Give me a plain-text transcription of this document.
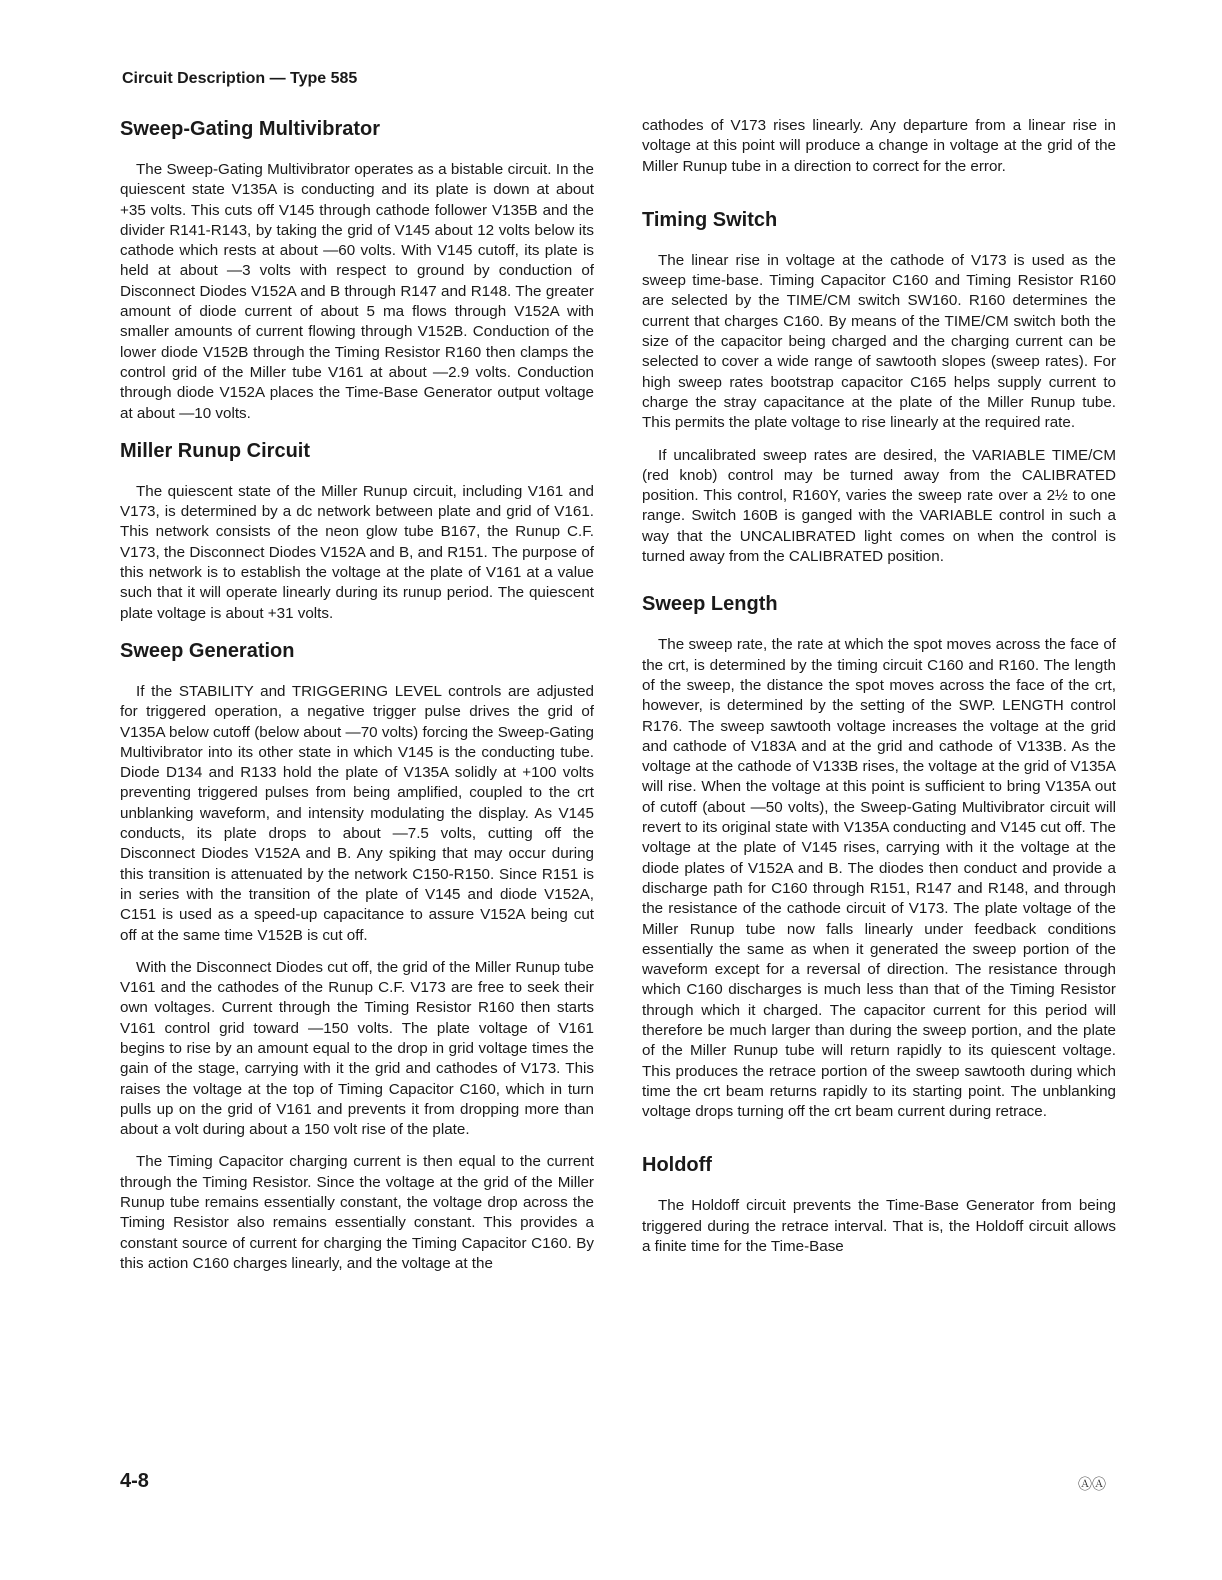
Circuit Description — Type 585
Sweep-Gating Multivibrator

The Sweep-Gating Multivibrator operates as a bistable circuit. In the quiescent state V135A is conducting and its plate is down at about +35 volts. This cuts off V145 through cathode follower V135B and the divider R141-R143, by taking the grid of V145 about 12 volts below its cathode which rests at about —60 volts. With V145 cutoff, its plate is held at about —3 volts with respect to ground by conduction of Disconnect Diodes V152A and B through R147 and R148. The greater amount of diode current of about 5 ma flows through V152A with smaller amounts of current flowing through V152B. Conduction of the lower diode V152B through the Timing Resistor R160 then clamps the control grid of the Miller tube V161 at about —2.9 volts. Conduction through diode V152A places the Time-Base Generator output voltage at about —10 volts.

Miller Runup Circuit

The quiescent state of the Miller Runup circuit, including V161 and V173, is determined by a dc network between plate and grid of V161. This network consists of the neon glow tube B167, the Runup C.F. V173, the Disconnect Diodes V152A and B, and R151. The purpose of this network is to establish the voltage at the plate of V161 at a value such that it will operate linearly during its runup period. The quiescent plate voltage is about +31 volts.

Sweep Generation

If the STABILITY and TRIGGERING LEVEL controls are adjusted for triggered operation, a negative trigger pulse drives the grid of V135A below cutoff (below about —70 volts) forcing the Sweep-Gating Multivibrator into its other state in which V145 is the conducting tube. Diode D134 and R133 hold the plate of V135A solidly at +100 volts preventing triggered pulses from being amplified, coupled to the crt unblanking waveform, and intensity modulating the display. As V145 conducts, its plate drops to about —7.5 volts, cutting off the Disconnect Diodes V152A and B. Any spiking that may occur during this transition is attenuated by the network C150-R150. Since R151 is in series with the transition of the plate of V145 and diode V152A, C151 is used as a speed-up capacitance to assure V152A being cut off at the same time V152B is cut off.

With the Disconnect Diodes cut off, the grid of the Miller Runup tube V161 and the cathodes of the Runup C.F. V173 are free to seek their own voltages. Current through the Timing Resistor R160 then starts V161 control grid toward —150 volts. The plate voltage of V161 begins to rise by an amount equal to the drop in grid voltage times the gain of the stage, carrying with it the grid and cathodes of V173. This raises the voltage at the top of Timing Capacitor C160, which in turn pulls up on the grid of V161 and prevents it from dropping more than about a volt during about a 150 volt rise of the plate.

The Timing Capacitor charging current is then equal to the current through the Timing Resistor. Since the voltage at the grid of the Miller Runup tube remains essentially constant, the voltage drop across the Timing Resistor also remains essentially constant. This provides a constant source of current for charging the Timing Capacitor C160. By this action C160 charges linearly, and the voltage at the

cathodes of V173 rises linearly. Any departure from a linear rise in voltage at this point will produce a change in voltage at the grid of the Miller Runup tube in a direction to correct for the error.

Timing Switch

The linear rise in voltage at the cathode of V173 is used as the sweep time-base. Timing Capacitor C160 and Timing Resistor R160 are selected by the TIME/CM switch SW160. R160 determines the current that charges C160. By means of the TIME/CM switch both the size of the capacitor being charged and the charging current can be selected to cover a wide range of sawtooth slopes (sweep rates). For high sweep rates bootstrap capacitor C165 helps supply current to charge the stray capacitance at the plate of the Miller Runup tube. This permits the plate voltage to rise linearly at the required rate.

If uncalibrated sweep rates are desired, the VARIABLE TIME/CM (red knob) control may be turned away from the CALIBRATED position. This control, R160Y, varies the sweep rate over a 2½ to one range. Switch 160B is ganged with the VARIABLE control in such a way that the UNCALIBRATED light comes on when the control is turned away from the CALIBRATED position.

Sweep Length

The sweep rate, the rate at which the spot moves across the face of the crt, is determined by the timing circuit C160 and R160. The length of the sweep, the distance the spot moves across the face of the crt, however, is determined by the setting of the SWP. LENGTH control R176. The sweep sawtooth voltage increases the voltage at the grid and cathode of V183A and at the grid and cathode of V133B. As the voltage at the cathode of V133B rises, the voltage at the grid of V135A will rise. When the voltage at this point is sufficient to bring V135A out of cutoff (about —50 volts), the Sweep-Gating Multivibrator circuit will revert to its original state with V135A conducting and V145 cut off. The voltage at the plate of V145 rises, carrying with it the voltage at the diode plates of V152A and B. The diodes then conduct and provide a discharge path for C160 through R151, R147 and R148, and through the resistance of the cathode circuit of V173. The plate voltage of the Miller Runup tube now falls linearly under feedback conditions essentially the same as when it generated the sweep portion of the waveform except for a reversal of direction. The resistance through which C160 discharges is much less than that of the Timing Resistor through which it charged. The capacitor current for this period will therefore be much larger than during the sweep portion, and the plate of the Miller Runup tube will return rapidly to its quiescent voltage. This produces the retrace portion of the sweep sawtooth during which time the crt beam returns rapidly to its starting point. The unblanking voltage drops turning off the crt beam current during retrace.

Holdoff

The Holdoff circuit prevents the Time-Base Generator from being triggered during the retrace interval. That is, the Holdoff circuit allows a finite time for the Time-Base

4-8	ⒶⒶ
